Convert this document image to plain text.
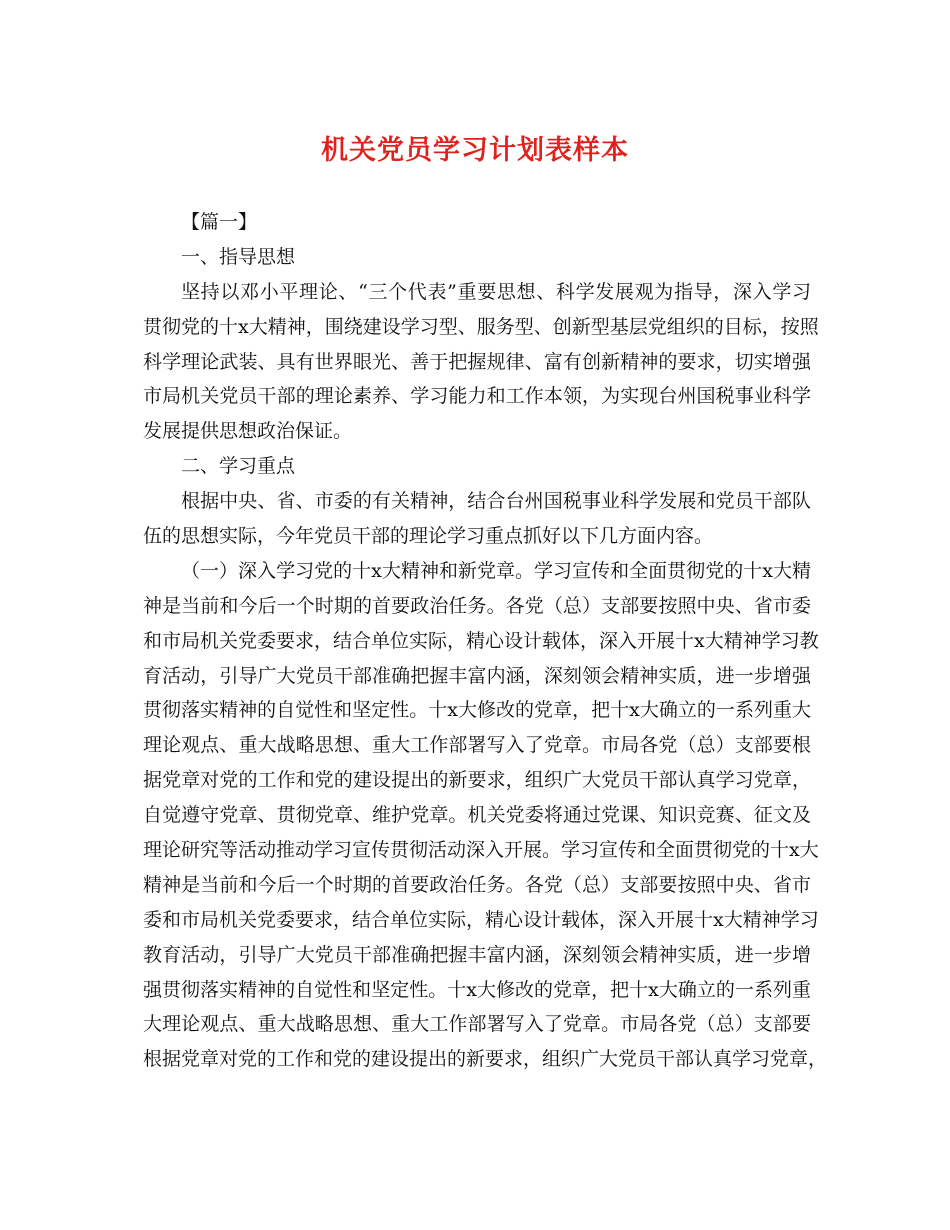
机关党员学习计划表样本
【篇一】
一、指导思想
坚持以邓小平理论、“三个代表”重要思想、科学发展观为指导，深入学习
贯彻党的十x大精神，围绕建设学习型、服务型、创新型基层党组织的目标，按照
科学理论武装、具有世界眼光、善于把握规律、富有创新精神的要求，切实增强
市局机关党员干部的理论素养、学习能力和工作本领，为实现台州国税事业科学
发展提供思想政治保证。
二、学习重点
根据中央、省、市委的有关精神，结合台州国税事业科学发展和党员干部队
伍的思想实际，今年党员干部的理论学习重点抓好以下几方面内容。
（一）深入学习党的十x大精神和新党章。学习宣传和全面贯彻党的十x大精
神是当前和今后一个时期的首要政治任务。各党（总）支部要按照中央、省市委
和市局机关党委要求，结合单位实际，精心设计载体，深入开展十x大精神学习教
育活动，引导广大党员干部准确把握丰富内涵，深刻领会精神实质，进一步增强
贯彻落实精神的自觉性和坚定性。十x大修改的党章，把十x大确立的一系列重大
理论观点、重大战略思想、重大工作部署写入了党章。市局各党（总）支部要根
据党章对党的工作和党的建设提出的新要求，组织广大党员干部认真学习党章，
自觉遵守党章、贯彻党章、维护党章。机关党委将通过党课、知识竞赛、征文及
理论研究等活动推动学习宣传贯彻活动深入开展。学习宣传和全面贯彻党的十x大
精神是当前和今后一个时期的首要政治任务。各党（总）支部要按照中央、省市
委和市局机关党委要求，结合单位实际，精心设计载体，深入开展十x大精神学习
教育活动，引导广大党员干部准确把握丰富内涵，深刻领会精神实质，进一步增
强贯彻落实精神的自觉性和坚定性。十x大修改的党章，把十x大确立的一系列重
大理论观点、重大战略思想、重大工作部署写入了党章。市局各党（总）支部要
根据党章对党的工作和党的建设提出的新要求，组织广大党员干部认真学习党章，
